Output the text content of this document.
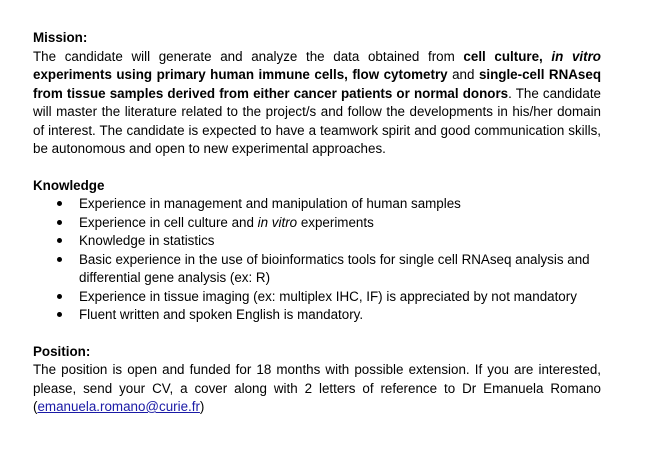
Mission:

The candidate will generate and analyze the data obtained from cell culture, in vitro experiments using primary human immune cells, flow cytometry and single-cell RNAseq from tissue samples derived from either cancer patients or normal donors. The candidate will master the literature related to the project/s and follow the developments in his/her domain of interest. The candidate is expected to have a teamwork spirit and good communication skills, be autonomous and open to new experimental approaches.

Knowledge

Experience in management and manipulation of human samples
Experience in cell culture and in vitro experiments
Knowledge in statistics
Basic experience in the use of bioinformatics tools for single cell RNAseq analysis and differential gene analysis (ex: R)
Experience in tissue imaging (ex: multiplex IHC, IF) is appreciated by not mandatory
Fluent written and spoken English is mandatory.

Position:

The position is open and funded for 18 months with possible extension. If you are interested, please, send your CV, a cover along with 2 letters of reference to Dr Emanuela Romano (emanuela.romano@curie.fr)
